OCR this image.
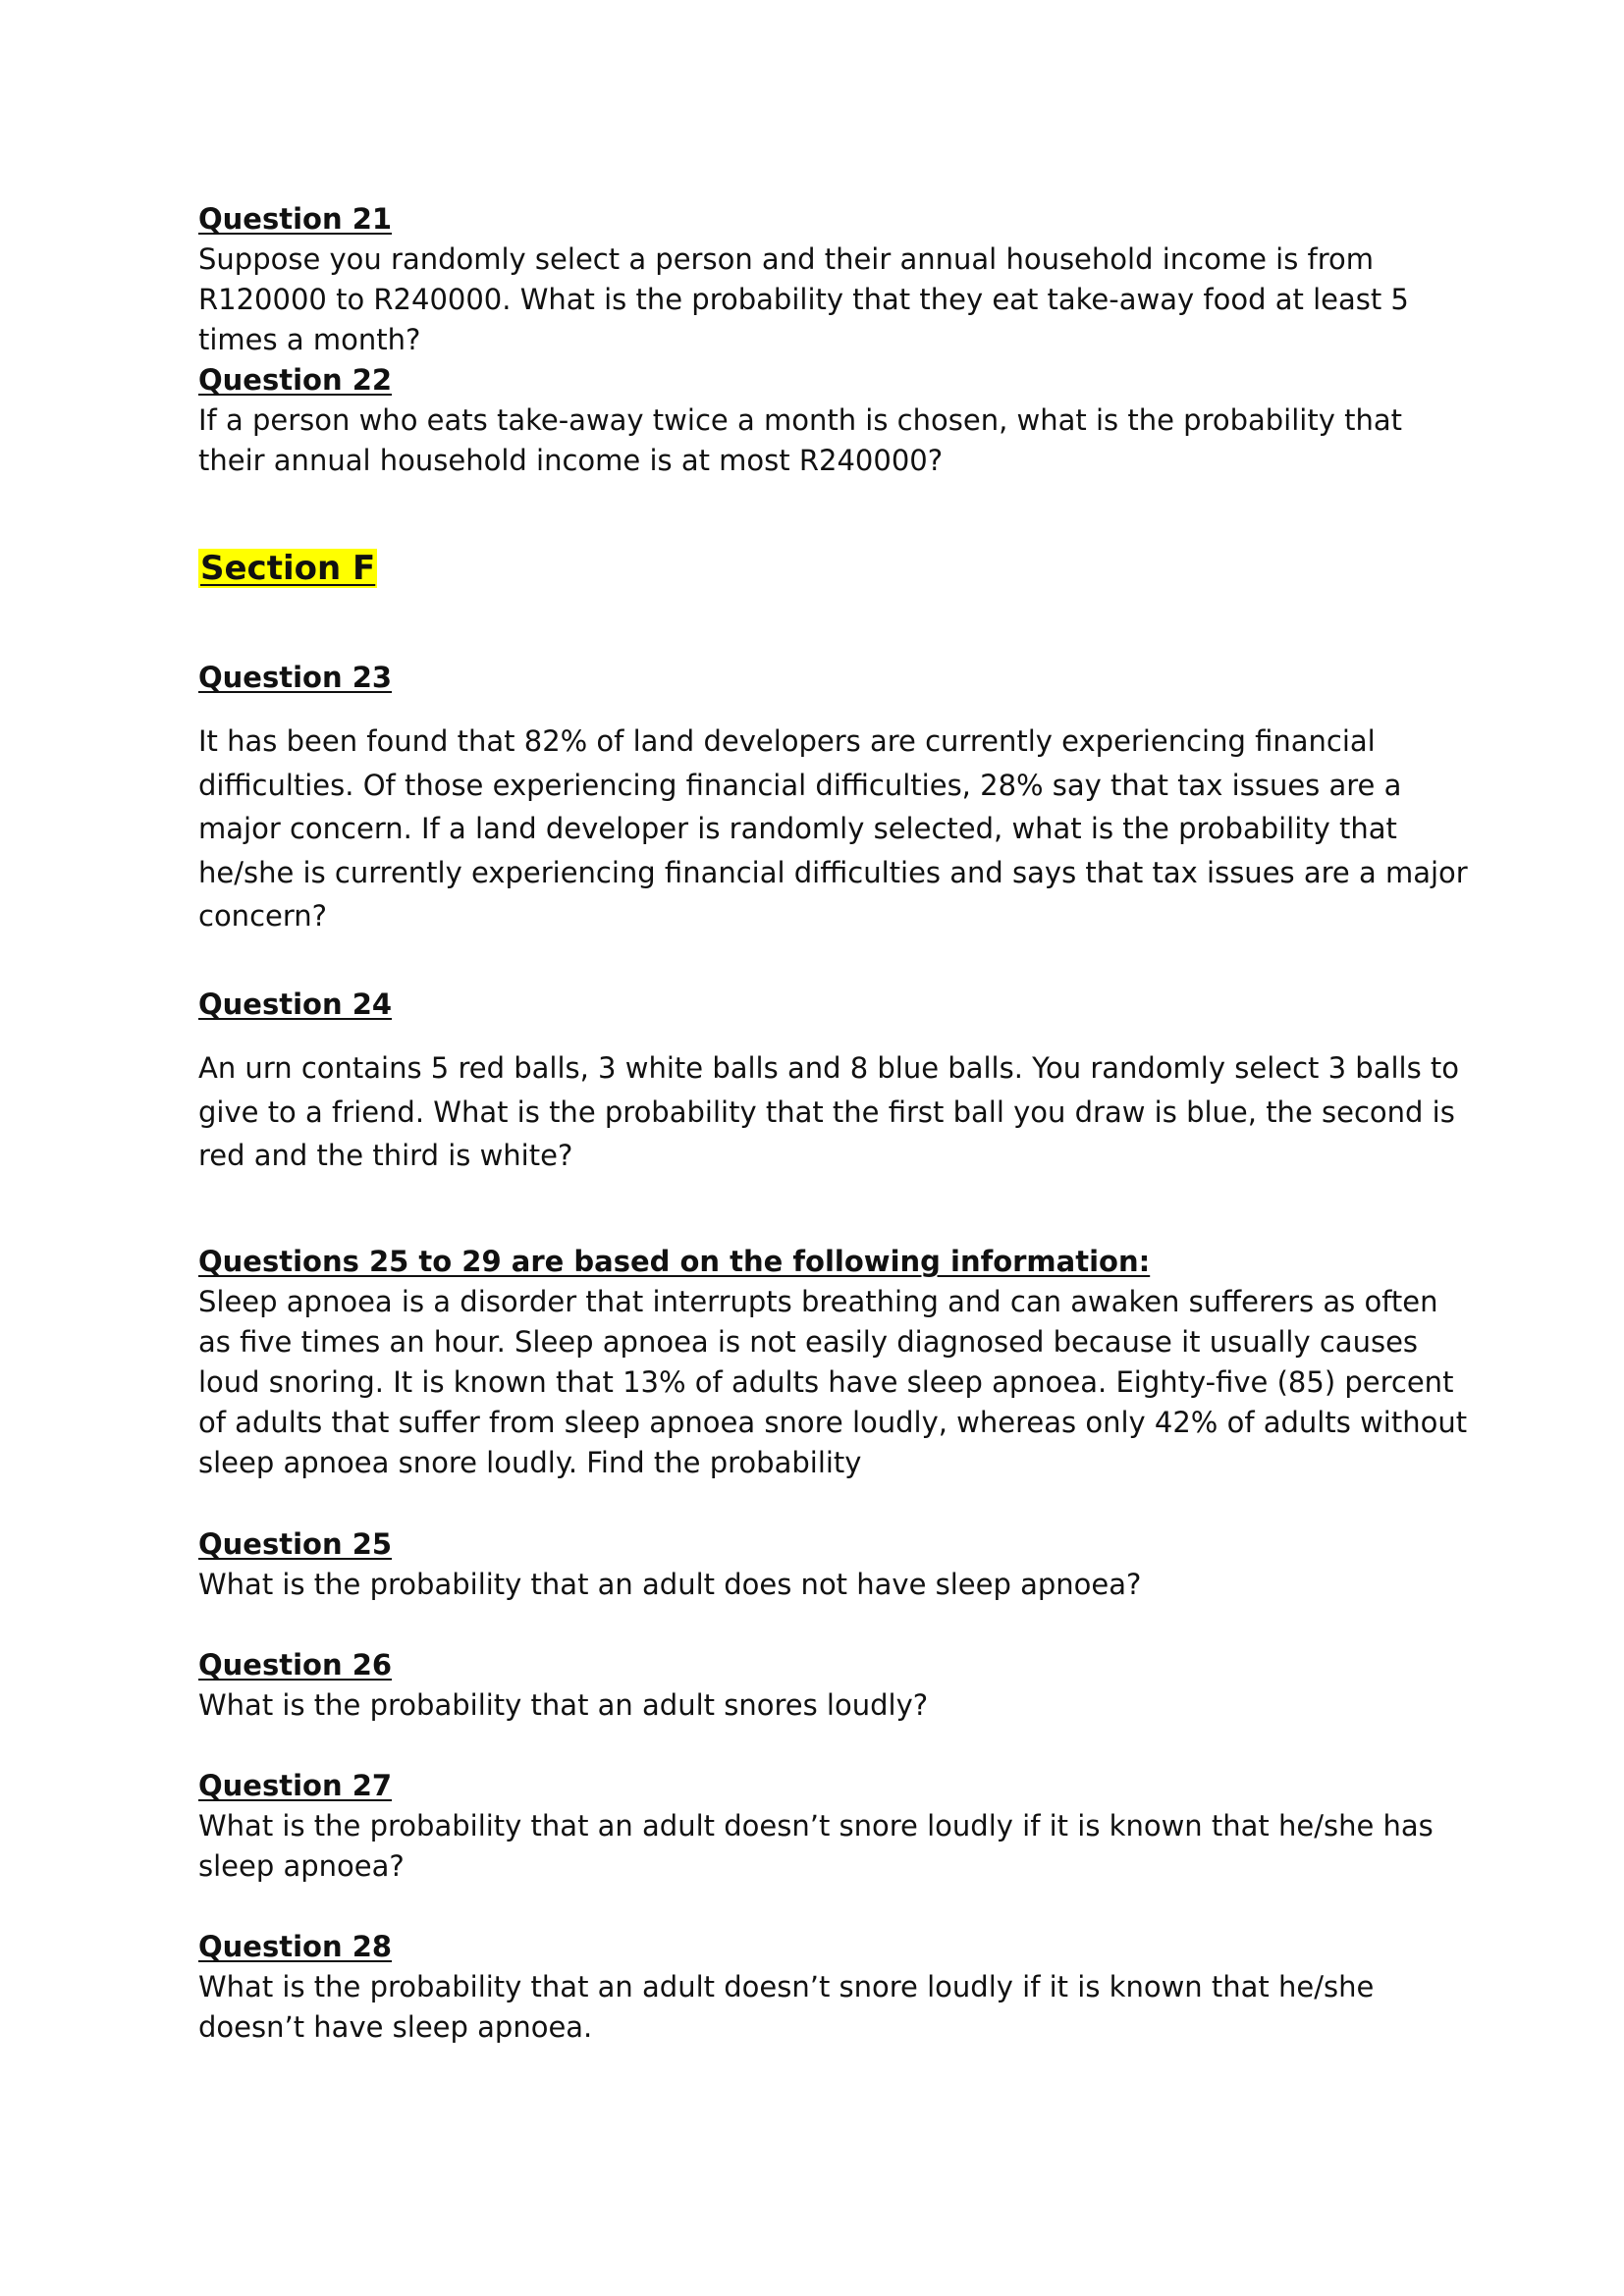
Question 21

Suppose you randomly select a person and their annual household income is from R120000 to R240000. What is the probability that they eat take-away food at least 5 times a month?

Question 22

If a person who eats take-away twice a month is chosen, what is the probability that their annual household income is at most R240000?

Section F

Question 23

It has been found that 82% of land developers are currently experiencing financial difficulties. Of those experiencing financial difficulties, 28% say that tax issues are a major concern. If a land developer is randomly selected, what is the probability that he/she is currently experiencing financial difficulties and says that tax issues are a major concern?

Question 24

An urn contains 5 red balls, 3 white balls and 8 blue balls. You randomly select 3 balls to give to a friend. What is the probability that the first ball you draw is blue, the second is red and the third is white?

Questions 25 to 29 are based on the following information:

Sleep apnoea is a disorder that interrupts breathing and can awaken sufferers as often as five times an hour. Sleep apnoea is not easily diagnosed because it usually causes loud snoring. It is known that 13% of adults have sleep apnoea. Eighty-five (85) percent of adults that suffer from sleep apnoea snore loudly, whereas only 42% of adults without sleep apnoea snore loudly. Find the probability

Question 25

What is the probability that an adult does not have sleep apnoea?

Question 26

What is the probability that an adult snores loudly?

Question 27

What is the probability that an adult doesn’t snore loudly if it is known that he/she has sleep apnoea?

Question 28

What is the probability that an adult doesn’t snore loudly if it is known that he/she doesn’t have sleep apnoea.
